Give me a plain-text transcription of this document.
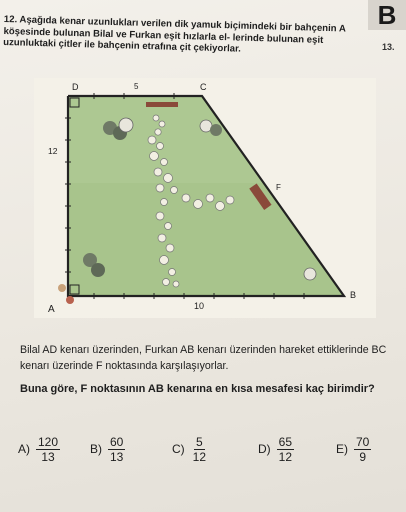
B
13.
12. Aşağıda kenar uzunlukları verilen dik yamuk biçimindeki bir bahçenin A köşesinde bulunan Bilal ve Furkan eşit hızlarla el- lerinde bulunan eşit uzunluktaki çitler ile bahçenin etrafına çit çekiyorlar.
D	C
A
B
F
5
12
10
Bilal AD kenarı üzerinden, Furkan AB kenarı üzerinden hareket ettiklerinde BC kenarı üzerinde F noktasında karşılaşıyorlar.
Buna göre, F noktasının AB kenarına en kısa mesafesi kaç birimdir?
$A) \frac{120}{13} B) \frac{60}{13}$	$C) \frac{5}{12}$	$D) \frac{65}{12}$	$E) \frac{70}{9}$
